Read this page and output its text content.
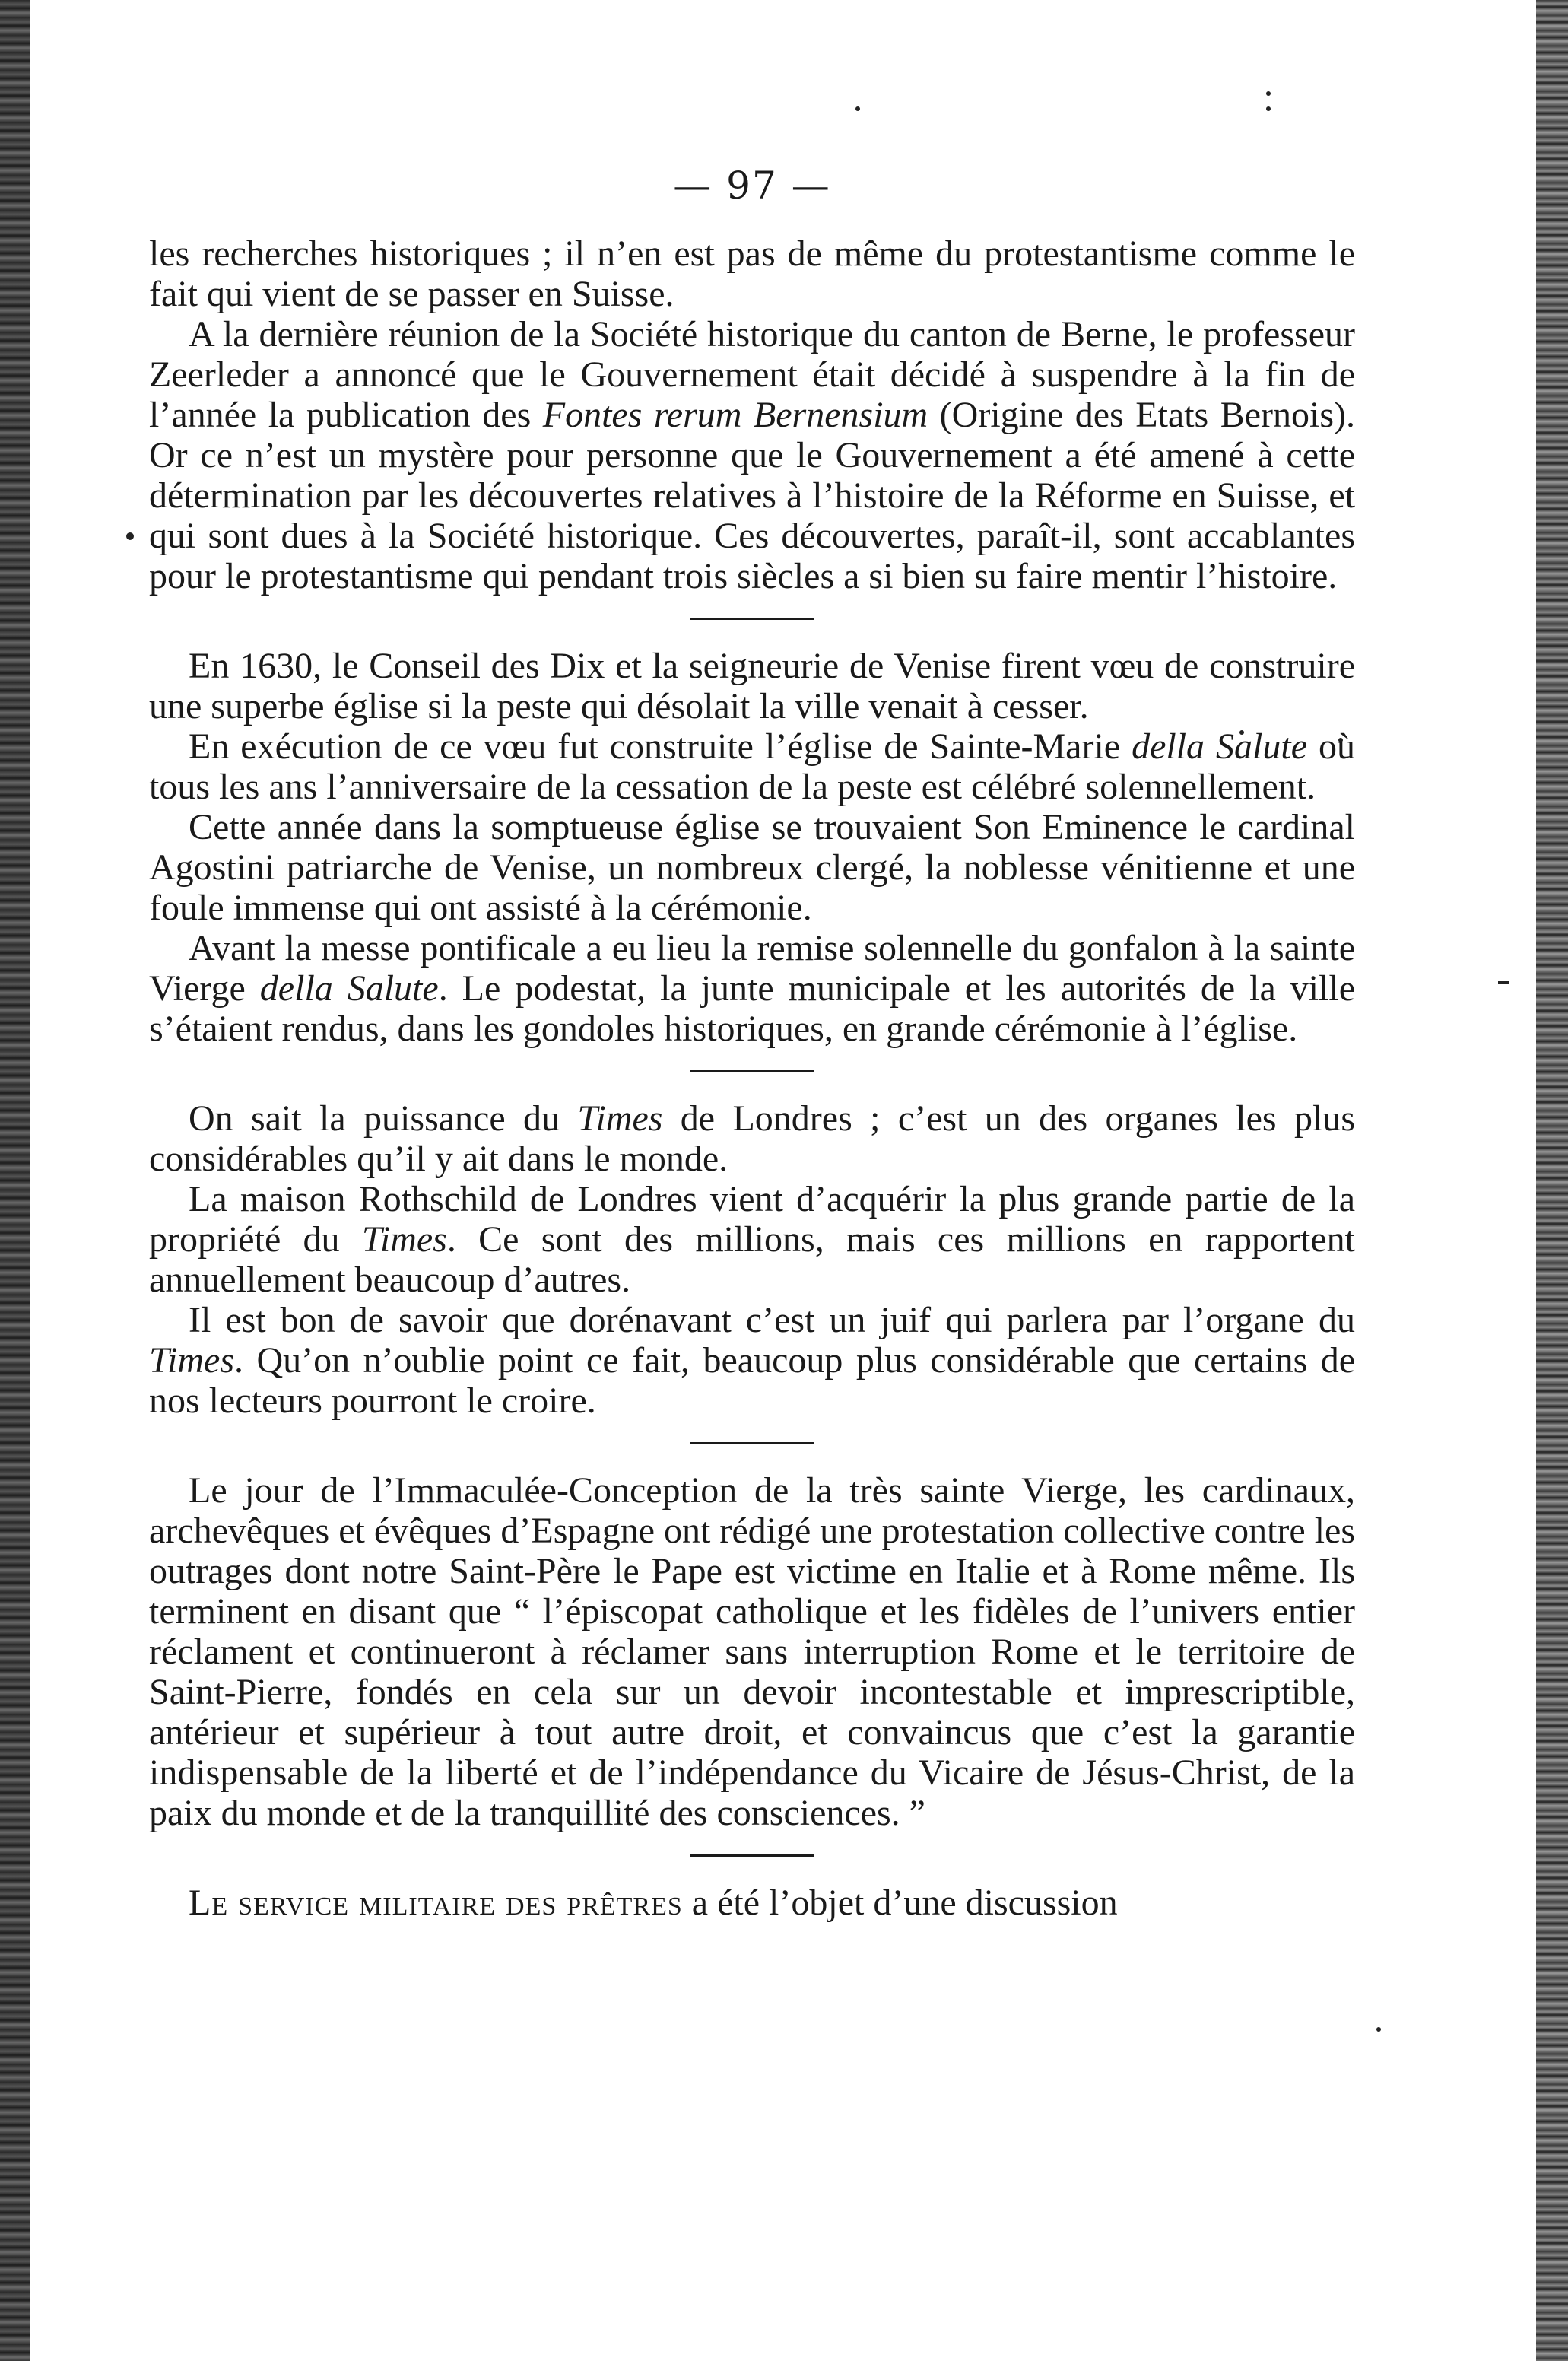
— 97 —

les recherches historiques ; il n’en est pas de même du protestantisme comme le fait qui vient de se passer en Suisse.

A la dernière réunion de la Société historique du canton de Berne, le professeur Zeerleder a annoncé que le Gouvernement était décidé à suspendre à la fin de l’année la publication des Fontes rerum Bernensium (Origine des Etats Bernois). Or ce n’est un mystère pour personne que le Gouvernement a été amené à cette détermination par les découvertes relatives à l’histoire de la Réforme en Suisse, et qui sont dues à la Société historique. Ces découvertes, paraît-il, sont accablantes pour le protestantisme qui pendant trois siècles a si bien su faire mentir l’histoire.

En 1630, le Conseil des Dix et la seigneurie de Venise firent vœu de construire une superbe église si la peste qui désolait la ville venait à cesser.

En exécution de ce vœu fut construite l’église de Sainte-Marie della Salute où tous les ans l’anniversaire de la cessation de la peste est célébré solennellement.

Cette année dans la somptueuse église se trouvaient Son Eminence le cardinal Agostini patriarche de Venise, un nombreux clergé, la noblesse vénitienne et une foule immense qui ont assisté à la cérémonie.

Avant la messe pontificale a eu lieu la remise solennelle du gonfalon à la sainte Vierge della Salute. Le podestat, la junte municipale et les autorités de la ville s’étaient rendus, dans les gondoles historiques, en grande cérémonie à l’église.

On sait la puissance du Times de Londres ; c’est un des organes les plus considérables qu’il y ait dans le monde.

La maison Rothschild de Londres vient d’acquérir la plus grande partie de la propriété du Times. Ce sont des millions, mais ces millions en rapportent annuellement beaucoup d’autres.

Il est bon de savoir que dorénavant c’est un juif qui parlera par l’organe du Times. Qu’on n’oublie point ce fait, beaucoup plus considérable que certains de nos lecteurs pourront le croire.

Le jour de l’Immaculée-Conception de la très sainte Vierge, les cardinaux, archevêques et évêques d’Espagne ont rédigé une protestation collective contre les outrages dont notre Saint-Père le Pape est victime en Italie et à Rome même. Ils terminent en disant que “ l’épiscopat catholique et les fidèles de l’univers entier réclament et continueront à réclamer sans interruption Rome et le territoire de Saint-Pierre, fondés en cela sur un devoir incontestable et imprescriptible, antérieur et supérieur à tout autre droit, et convaincus que c’est la garantie indispensable de la liberté et de l’indépendance du Vicaire de Jésus-Christ, de la paix du monde et de la tranquillité des consciences. ”

Le service militaire des prêtres a été l’objet d’une discussion
